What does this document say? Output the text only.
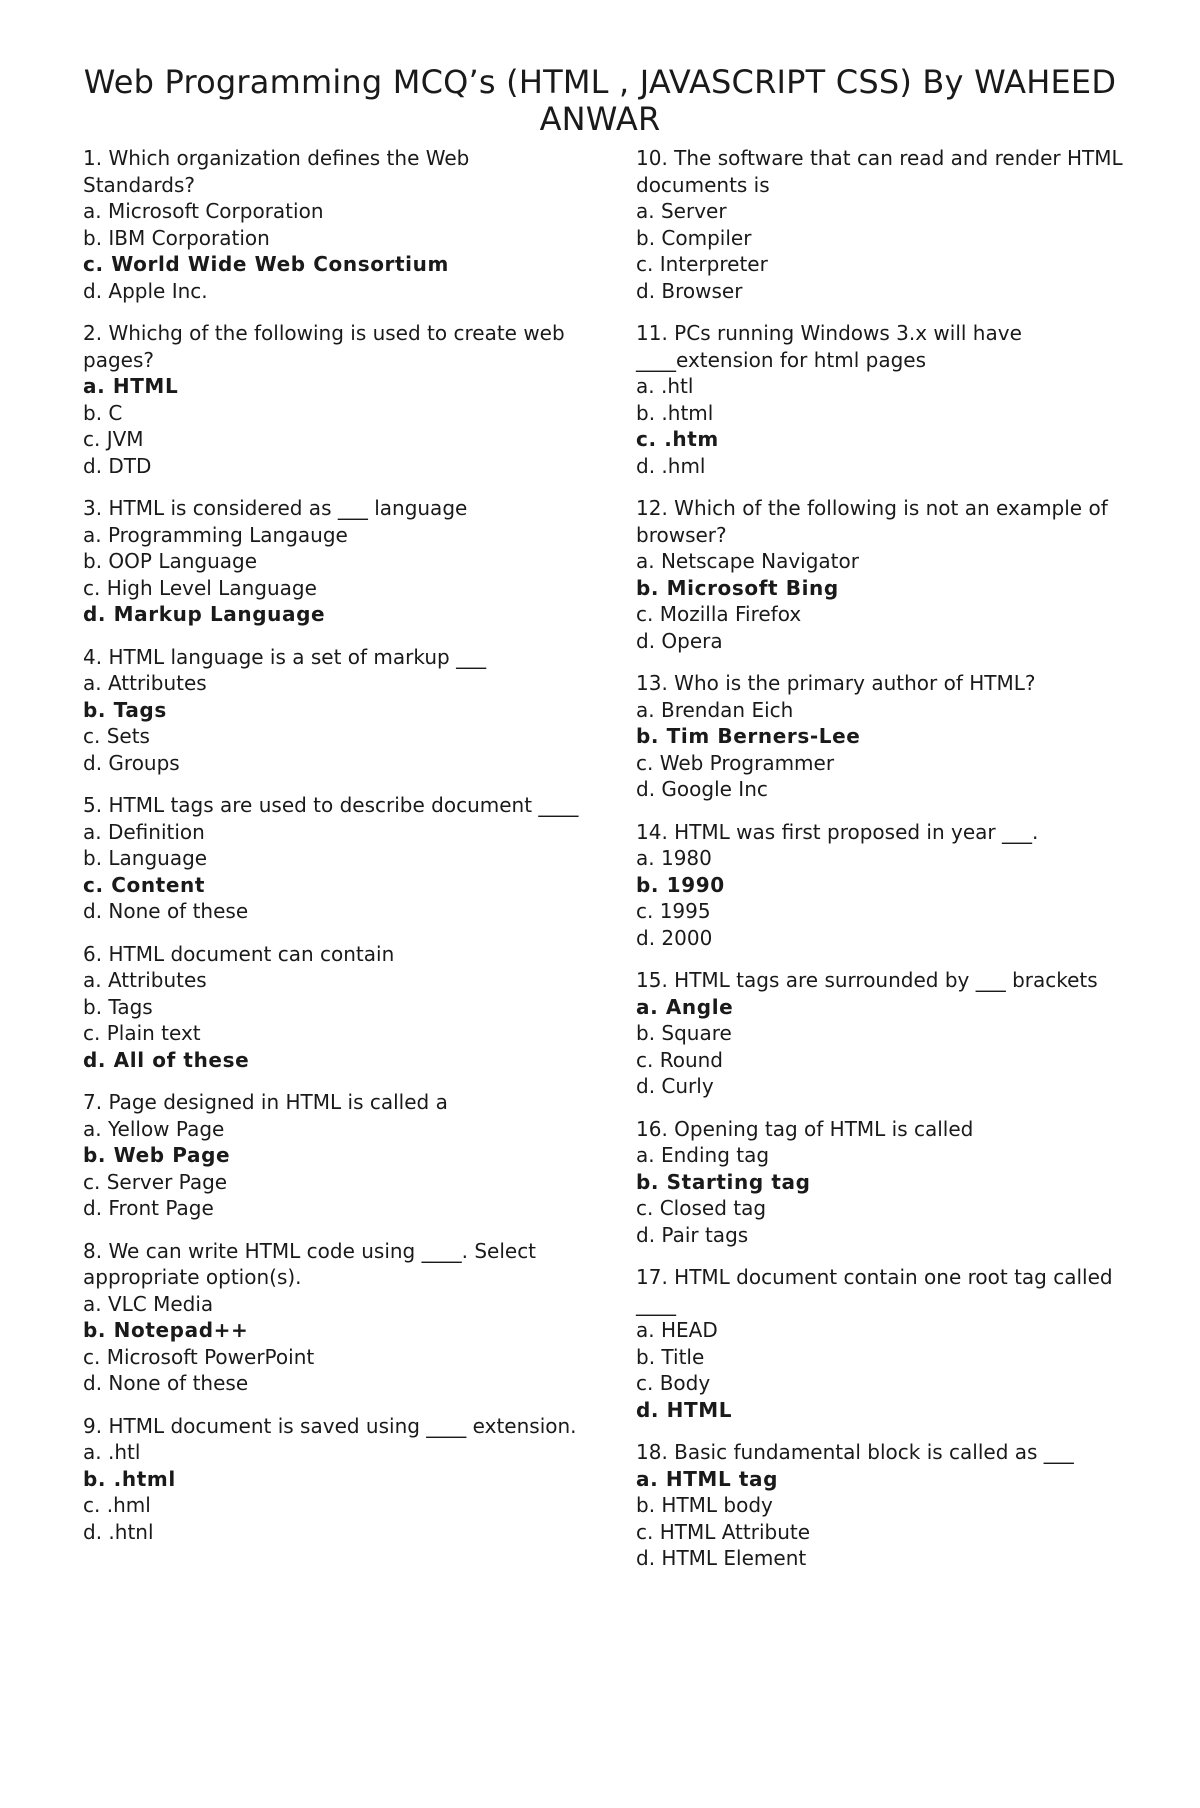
Web Programming MCQ’s (HTML , JAVASCRIPT CSS) By WAHEED ANWAR

1. Which organization defines the Web Standards?

a. Microsoft Corporation

b. IBM Corporation

c. World Wide Web Consortium

d. Apple Inc.

2. Whichg of the following is used to create web pages?

a. HTML

b. C

c. JVM

d. DTD

3. HTML is considered as ___ language

a. Programming Langauge

b. OOP Language

c. High Level Language

d. Markup Language

4. HTML language is a set of markup ___

a. Attributes

b. Tags

c. Sets

d. Groups

5. HTML tags are used to describe document ____

a. Definition

b. Language

c. Content

d. None of these

6. HTML document can contain

a. Attributes

b. Tags

c. Plain text

d. All of these

7. Page designed in HTML is called a

a. Yellow Page

b. Web Page

c. Server Page

d. Front Page

8. We can write HTML code using ____. Select appropriate option(s).

a. VLC Media

b. Notepad++

c. Microsoft PowerPoint

d. None of these

9. HTML document is saved using ____ extension.

a. .htl

b. .html

c. .hml

d. .htnl

10. The software that can read and render HTML documents is

a. Server

b. Compiler

c. Interpreter

d. Browser

11. PCs running Windows 3.x will have ____extension for html pages

a. .htl

b. .html

c. .htm

d. .hml

12. Which of the following is not an example of browser?

a. Netscape Navigator

b. Microsoft Bing

c. Mozilla Firefox

d. Opera

13. Who is the primary author of HTML?

a. Brendan Eich

b. Tim Berners-Lee

c. Web Programmer

d. Google Inc

14. HTML was first proposed in year ___.

a. 1980

b. 1990

c. 1995

d. 2000

15. HTML tags are surrounded by ___ brackets

a. Angle

b. Square

c. Round

d. Curly

16. Opening tag of HTML is called

a. Ending tag

b. Starting tag

c. Closed tag

d. Pair tags

17. HTML document contain one root tag called ____

a. HEAD

b. Title

c. Body

d. HTML

18. Basic fundamental block is called as ___

a. HTML tag

b. HTML body

c. HTML Attribute

d. HTML Element
